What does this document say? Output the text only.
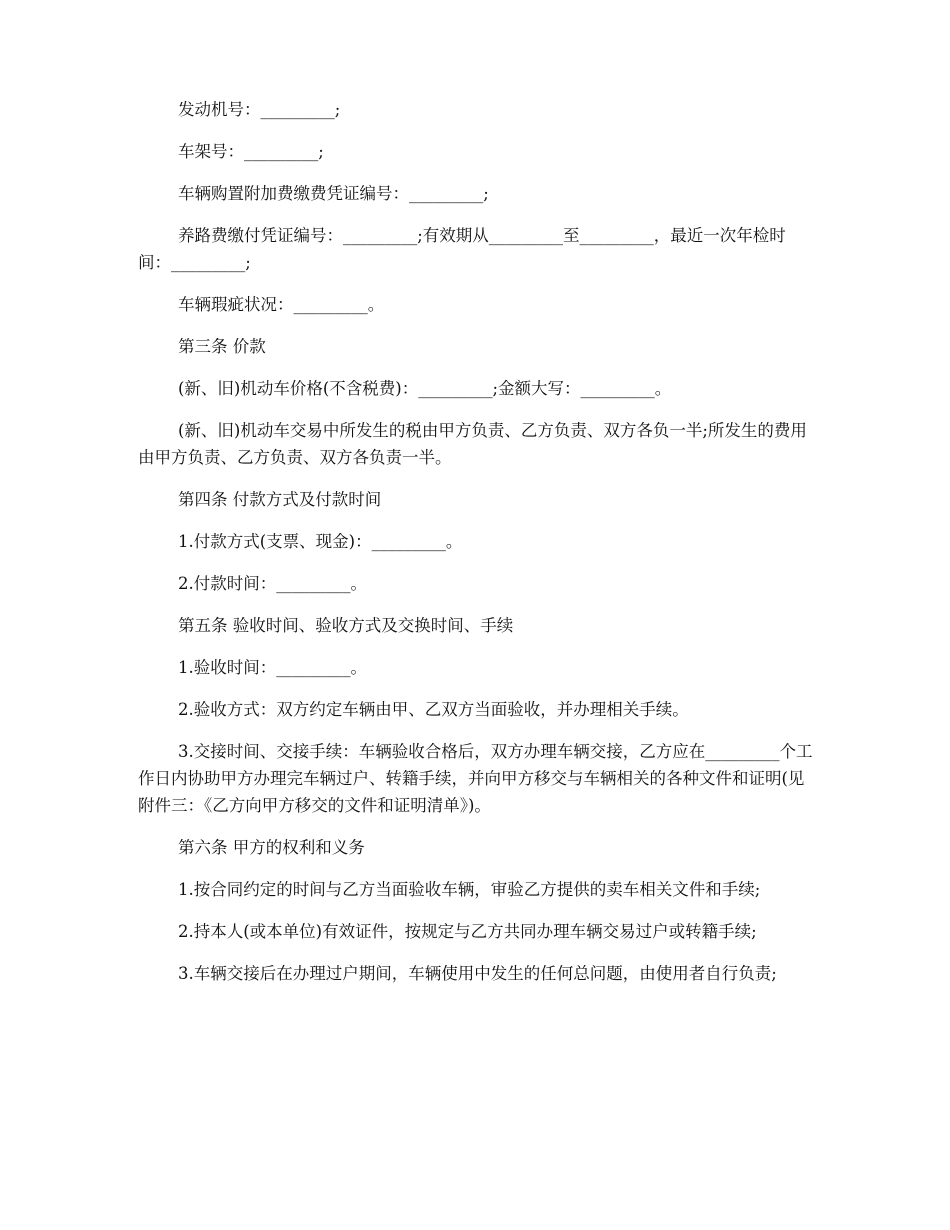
发动机号：_________;

车架号：_________;

车辆购置附加费缴费凭证编号：_________;

养路费缴付凭证编号：_________;有效期从_________至_________，最近一次年检时间：_________;

车辆瑕疵状况：_________。

第三条 价款

(新、旧)机动车价格(不含税费)：_________;金额大写：_________。

(新、旧)机动车交易中所发生的税由甲方负责、乙方负责、双方各负一半;所发生的费用由甲方负责、乙方负责、双方各负责一半。

第四条 付款方式及付款时间

1.付款方式(支票、现金)：_________。

2.付款时间：_________。

第五条 验收时间、验收方式及交换时间、手续

1.验收时间：_________。

2.验收方式：双方约定车辆由甲、乙双方当面验收，并办理相关手续。

3.交接时间、交接手续：车辆验收合格后，双方办理车辆交接，乙方应在_________个工作日内协助甲方办理完车辆过户、转籍手续，并向甲方移交与车辆相关的各种文件和证明(见附件三：《乙方向甲方移交的文件和证明清单》)。

第六条 甲方的权利和义务

1.按合同约定的时间与乙方当面验收车辆，审验乙方提供的卖车相关文件和手续;

2.持本人(或本单位)有效证件，按规定与乙方共同办理车辆交易过户或转籍手续;

3.车辆交接后在办理过户期间，车辆使用中发生的任何总问题，由使用者自行负责;
